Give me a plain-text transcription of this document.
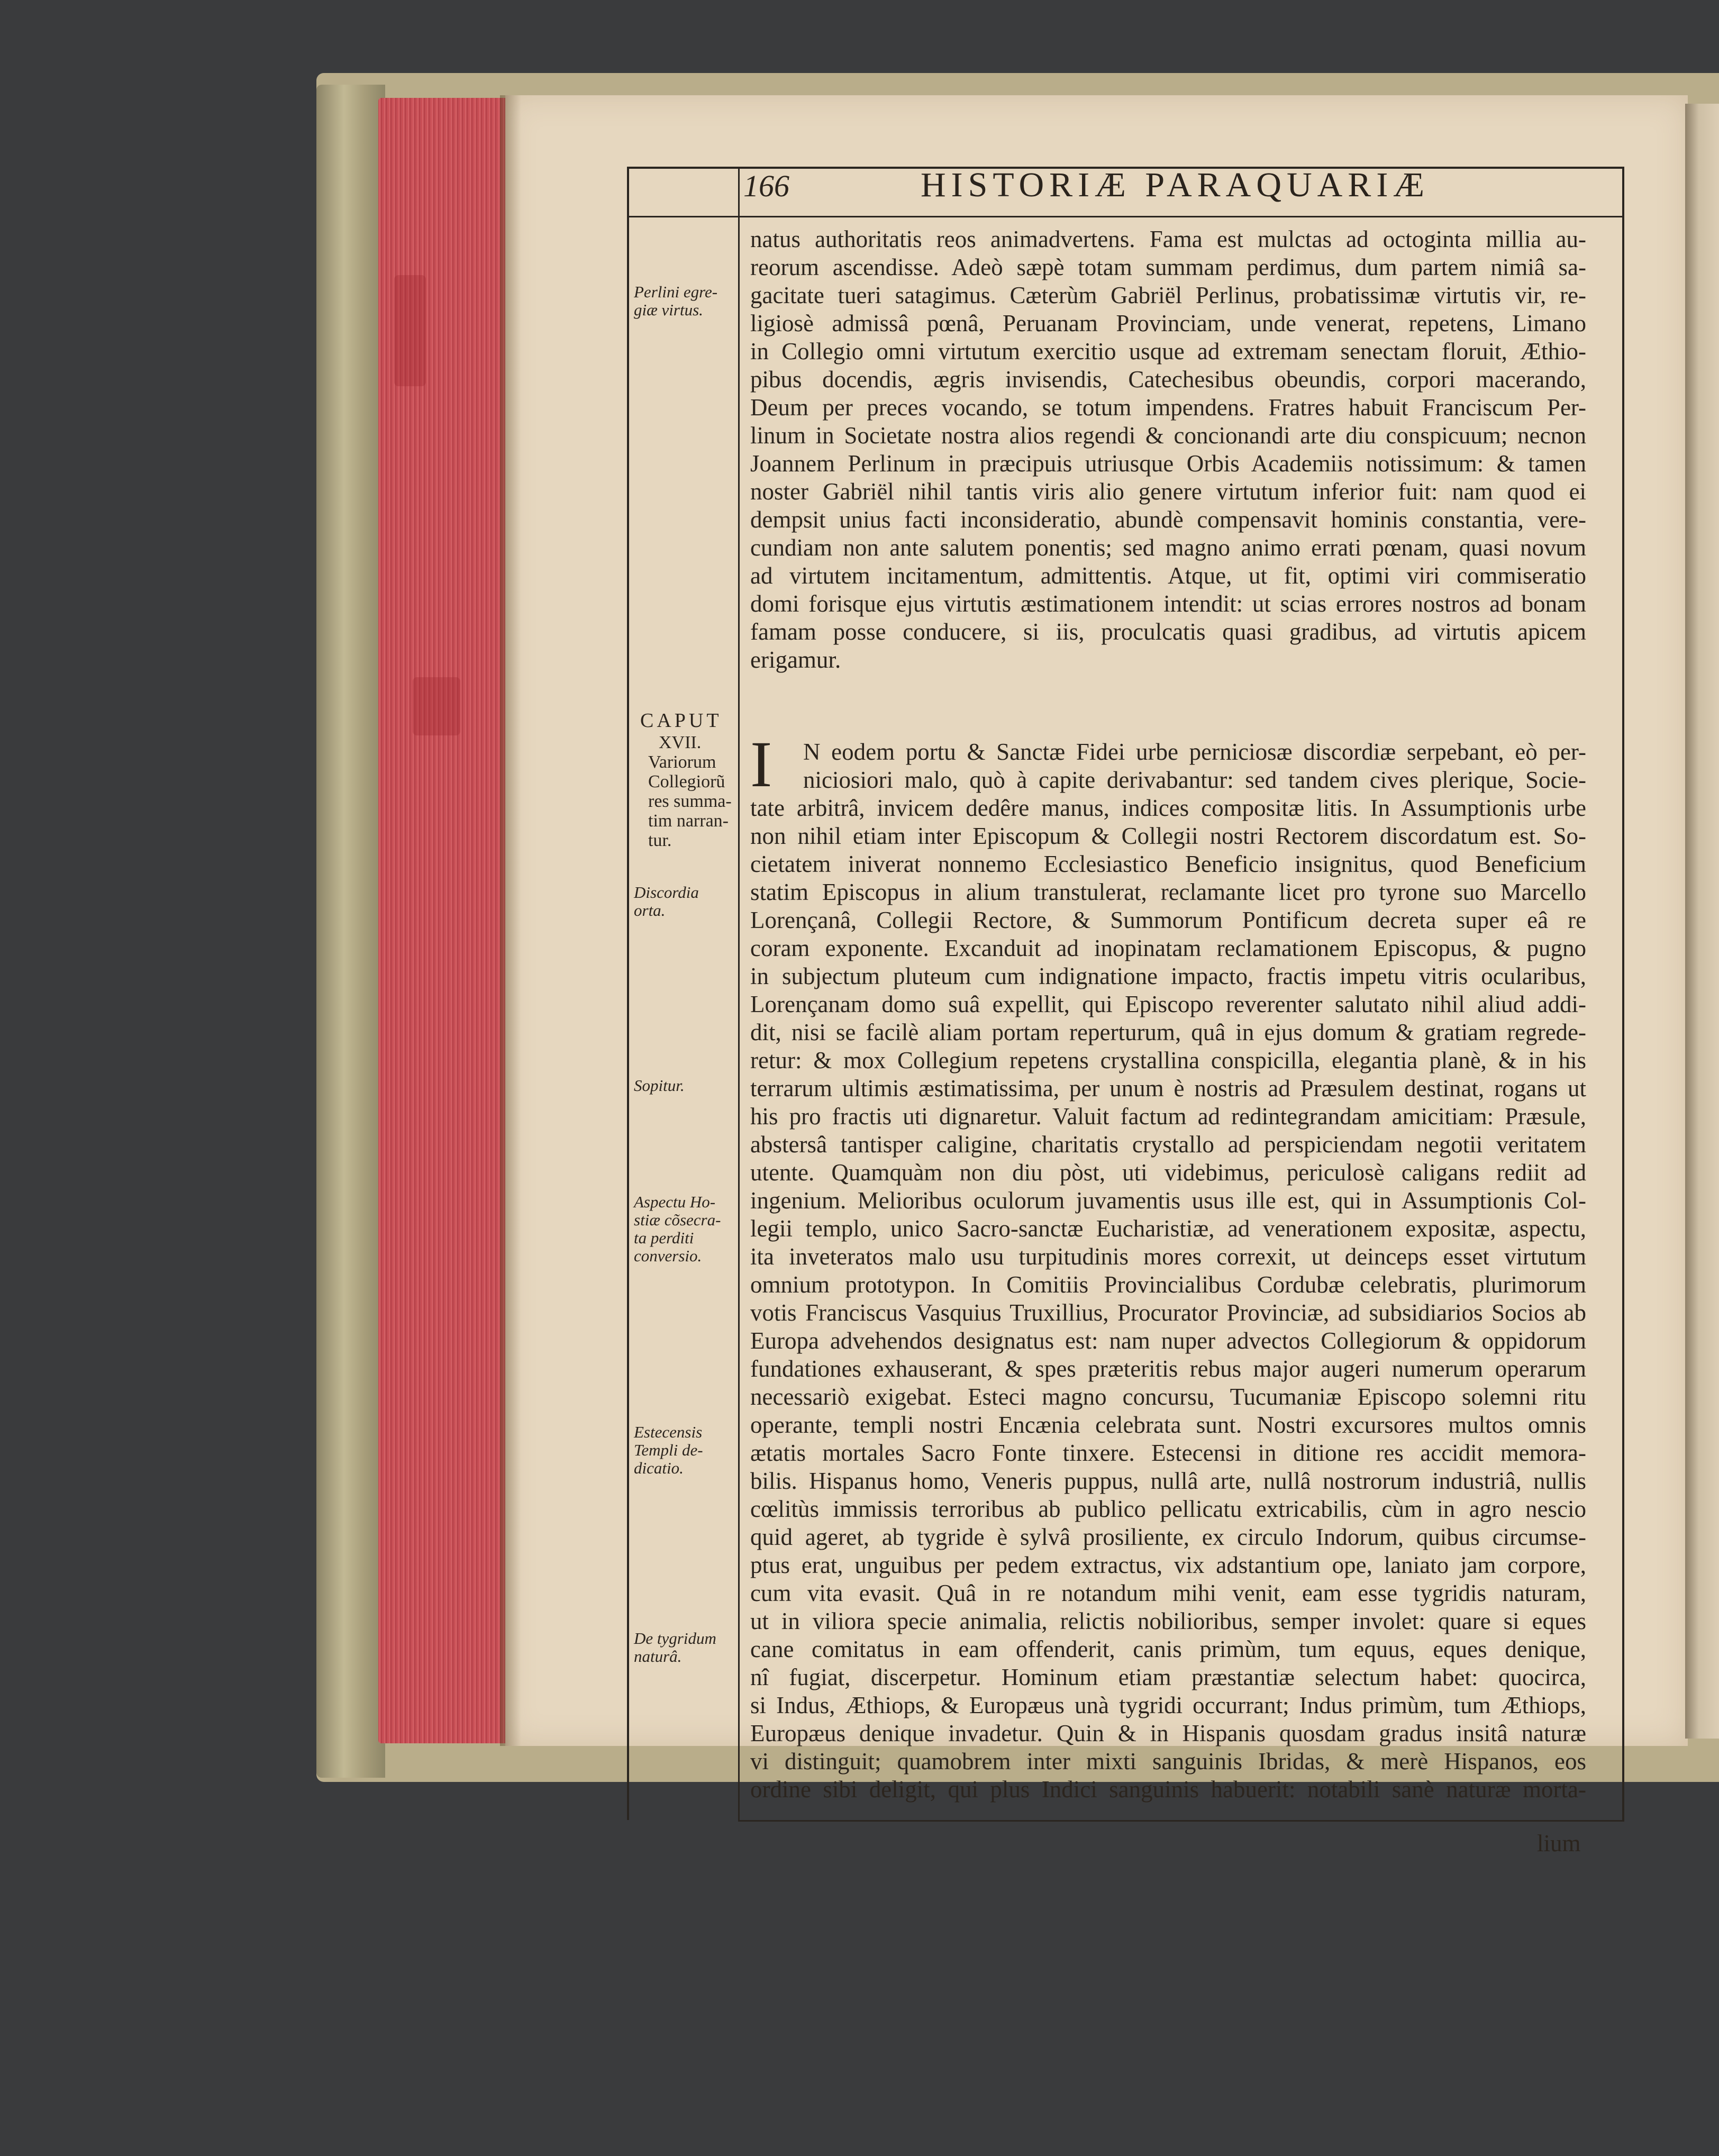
166	HISTORIÆ PARAQUARIÆ
Perlini egre-
giæ virtus.
CAPUT
XVII.
Variorum
Collegiorũ
res summa-
tim narran-
tur.
Discordia
orta.
Sopitur.
Aspectu Ho-
stiæ cõsecra-
ta perditi
conversio.
Estecensis
Templi de-
dicatio.
De tygridum
naturâ.
natus authoritatis reos animadvertens. Fama est mulctas ad octoginta millia au-
reorum ascendisse. Adeò sæpè totam summam perdimus, dum partem nimiâ sa-
gacitate tueri satagimus. Cæterùm Gabriël Perlinus, probatissimæ virtutis vir, re-
ligiosè admissâ pœnâ, Peruanam Provinciam, unde venerat, repetens, Limano
in Collegio omni virtutum exercitio usque ad extremam senectam floruit, Æthio-
pibus docendis, ægris invisendis, Catechesibus obeundis, corpori macerando,
Deum per preces vocando, se totum impendens. Fratres habuit Franciscum Per-
linum in Societate nostra alios regendi & concionandi arte diu conspicuum; necnon
Joannem Perlinum in præcipuis utriusque Orbis Academiis notissimum: & tamen
noster Gabriël nihil tantis viris alio genere virtutum inferior fuit: nam quod ei
dempsit unius facti inconsideratio, abundè compensavit hominis constantia, vere-
cundiam non ante salutem ponentis; sed magno animo errati pœnam, quasi novum
ad virtutem incitamentum, admittentis. Atque, ut fit, optimi viri commiseratio
domi forisque ejus virtutis æstimationem intendit: ut scias errores nostros ad bonam
famam posse conducere, si iis, proculcatis quasi gradibus, ad virtutis apicem
erigamur.
I N eodem portu & Sanctæ Fidei urbe perniciosæ discordiæ serpebant, eò per-
niciosiori malo, quò à capite derivabantur: sed tandem cives plerique, Socie-
tate arbitrâ, invicem dedêre manus, indices compositæ litis. In Assumptionis urbe
non nihil etiam inter Episcopum & Collegii nostri Rectorem discordatum est. So-
cietatem iniverat nonnemo Ecclesiastico Beneficio insignitus, quod Beneficium
statim Episcopus in alium transtulerat, reclamante licet pro tyrone suo Marcello
Lorençanâ, Collegii Rectore, & Summorum Pontificum decreta super eâ re
coram exponente. Excanduit ad inopinatam reclamationem Episcopus, & pugno
in subjectum pluteum cum indignatione impacto, fractis impetu vitris ocularibus,
Lorençanam domo suâ expellit, qui Episcopo reverenter salutato nihil aliud addi-
dit, nisi se facilè aliam portam reperturum, quâ in ejus domum & gratiam regrede-
retur: & mox Collegium repetens crystallina conspicilla, elegantia planè, & in his
terrarum ultimis æstimatissima, per unum è nostris ad Præsulem destinat, rogans ut
his pro fractis uti dignaretur. Valuit factum ad redintegrandam amicitiam: Præsule,
abstersâ tantisper caligine, charitatis crystallo ad perspiciendam negotii veritatem
utente. Quamquàm non diu pòst, uti videbimus, periculosè caligans rediit ad
ingenium. Melioribus oculorum juvamentis usus ille est, qui in Assumptionis Col-
legii templo, unico Sacro-sanctæ Eucharistiæ, ad venerationem expositæ, aspectu,
ita inveteratos malo usu turpitudinis mores correxit, ut deinceps esset virtutum
omnium prototypon. In Comitiis Provincialibus Cordubæ celebratis, plurimorum
votis Franciscus Vasquius Truxillius, Procurator Provinciæ, ad subsidiarios Socios ab
Europa advehendos designatus est: nam nuper advectos Collegiorum & oppidorum
fundationes exhauserant, & spes præteritis rebus major augeri numerum operarum
necessariò exigebat. Esteci magno concursu, Tucumaniæ Episcopo solemni ritu
operante, templi nostri Encænia celebrata sunt. Nostri excursores multos omnis
ætatis mortales Sacro Fonte tinxere. Estecensi in ditione res accidit memora-
bilis. Hispanus homo, Veneris puppus, nullâ arte, nullâ nostrorum industriâ, nullis
cœlitùs immissis terroribus ab publico pellicatu extricabilis, cùm in agro nesciο
quid ageret, ab tygride è sylvâ prosiliente, ex circulo Indorum, quibus circumse-
ptus erat, unguibus per pedem extractus, vix adstantium ope, laniato jam corpore,
cum vita evasit. Quâ in re notandum mihi venit, eam esse tygridis naturam,
ut in viliora specie animalia, relictis nobilioribus, semper involet: quare si eques
cane comitatus in eam offenderit, canis primùm, tum equus, eques denique,
nî fugiat, discerpetur. Hominum etiam præstantiæ selectum habet: quocirca,
si Indus, Æthiops, & Europæus unà tygridi occurrant; Indus primùm, tum Æthiops,
Europæus denique invadetur. Quin & in Hispanis quosdam gradus insitâ naturæ
vi distinguit; quamobrem inter mixti sanguinis Ibridas, & merè Hispanos, eos
ordine sibi deligit, qui plus Indici sanguinis habuerit: notabili sanè naturæ morta-
lium
